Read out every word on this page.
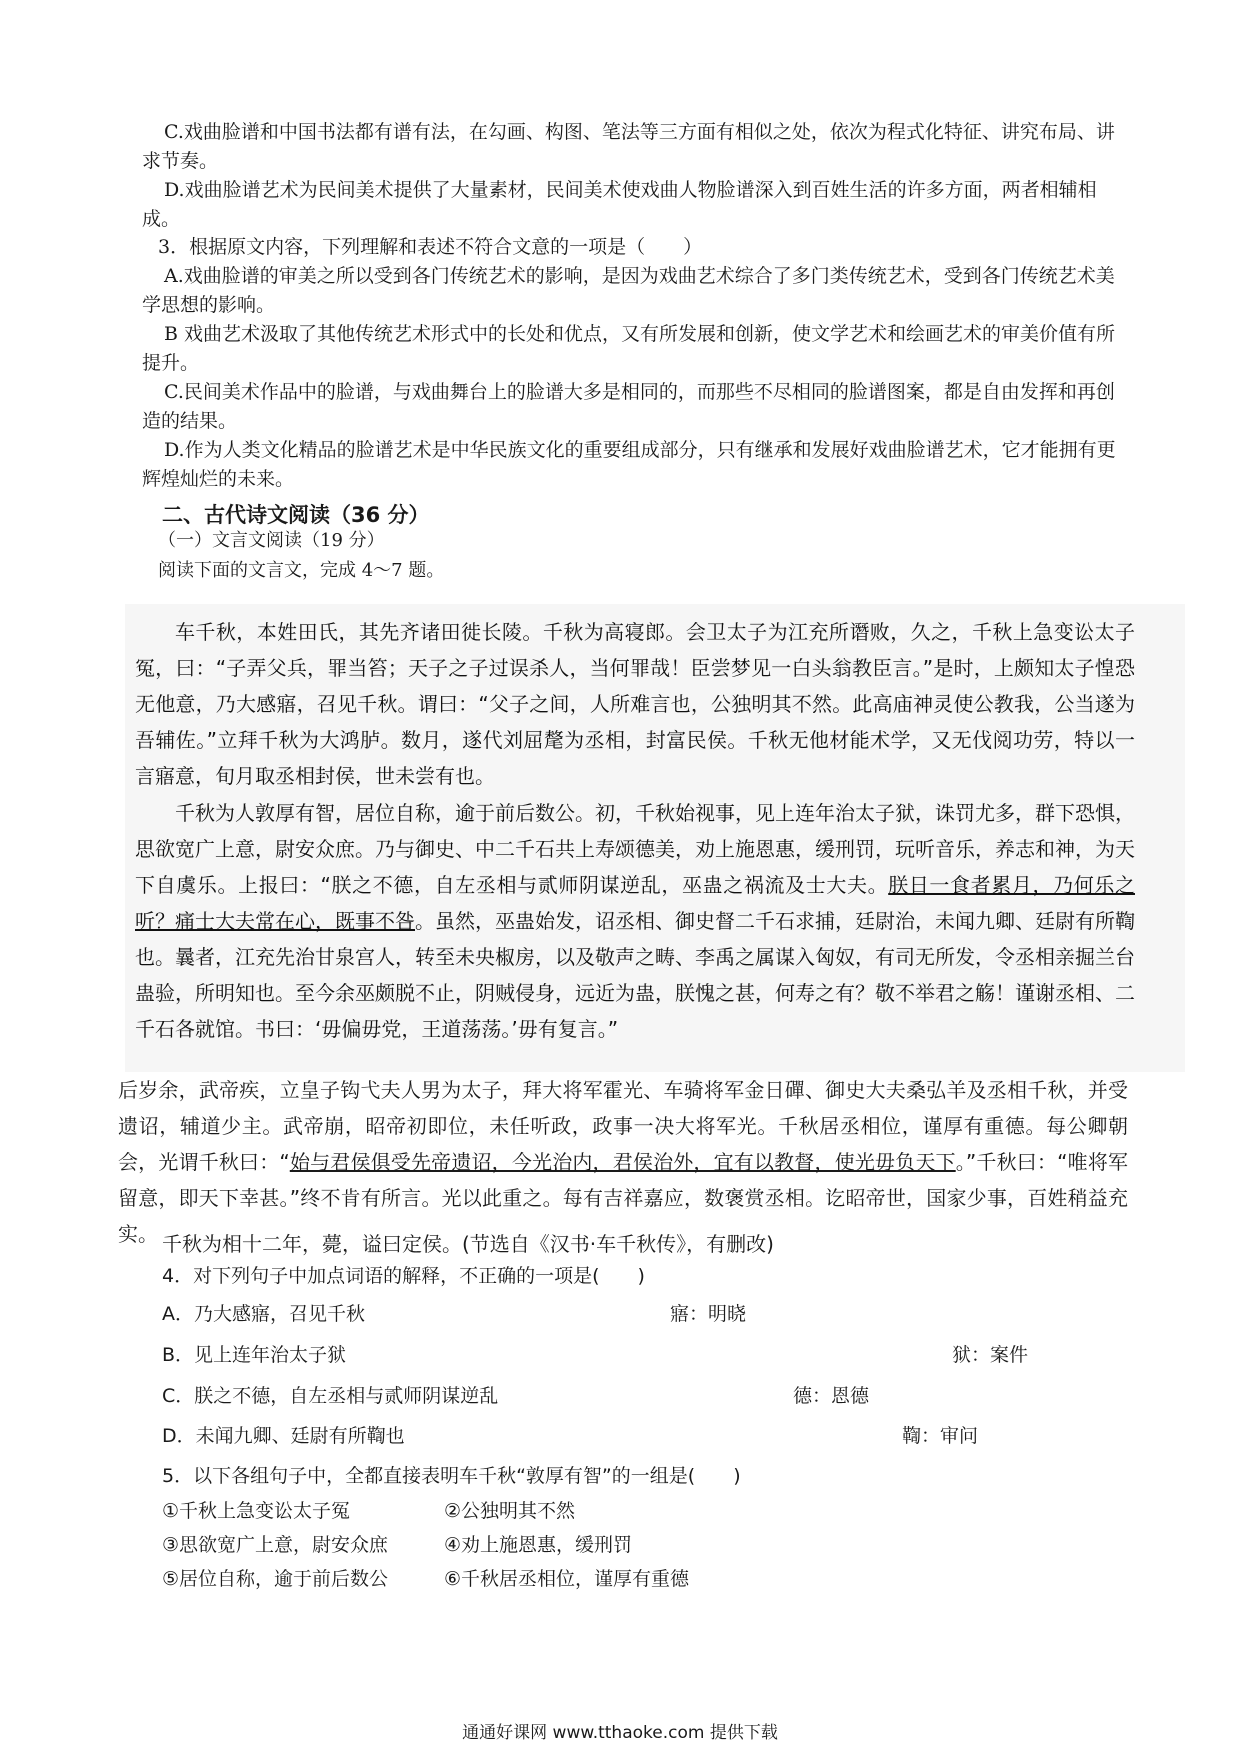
C.戏曲脸谱和中国书法都有谱有法，在勾画、构图、笔法等三方面有相似之处，依次为程式化特征、讲究布局、讲求节奏。
D.戏曲脸谱艺术为民间美术提供了大量素材，民间美术使戏曲人物脸谱深入到百姓生活的许多方面，两者相辅相成。
3．根据原文内容，下列理解和表述不符合文意的一项是（　　）
A.戏曲脸谱的审美之所以受到各门传统艺术的影响，是因为戏曲艺术综合了多门类传统艺术，受到各门传统艺术美学思想的影响。
B 戏曲艺术汲取了其他传统艺术形式中的长处和优点，又有所发展和创新，使文学艺术和绘画艺术的审美价值有所提升。
C.民间美术作品中的脸谱，与戏曲舞台上的脸谱大多是相同的，而那些不尽相同的脸谱图案，都是自由发挥和再创造的结果。
D.作为人类文化精品的脸谱艺术是中华民族文化的重要组成部分，只有继承和发展好戏曲脸谱艺术，它才能拥有更辉煌灿烂的未来。
二、古代诗文阅读（36 分）
（一）文言文阅读（19 分）
阅读下面的文言文，完成 4～7 题。
车千秋，本姓田氏，其先齐诸田徙长陵。千秋为高寝郎。会卫太子为江充所谮败，久之，千秋上急变讼太子冤，曰：“子弄父兵，罪当笞；天子之子过误杀人，当何罪哉！臣尝梦见一白头翁教臣言。”是时，上颇知太子惶恐无他意，乃大感寤，召见千秋。谓曰：“父子之间，人所难言也，公独明其不然。此高庙神灵使公教我，公当遂为吾辅佐。”立拜千秋为大鸿胪。数月，遂代刘屈氂为丞相，封富民侯。千秋无他材能术学，又无伐阅功劳，特以一言寤意，旬月取丞相封侯，世未尝有也。
千秋为人敦厚有智，居位自称，逾于前后数公。初，千秋始视事，见上连年治太子狱，诛罚尤多，群下恐惧，思欲宽广上意，尉安众庶。乃与御史、中二千石共上寿颂德美，劝上施恩惠，缓刑罚，玩听音乐，养志和神，为天下自虞乐。上报曰：“朕之不德，自左丞相与贰师阴谋逆乱，巫蛊之祸流及士大夫。朕日一食者累月，乃何乐之听？痛士大夫常在心，既事不咎。虽然，巫蛊始发，诏丞相、御史督二千石求捕，廷尉治，未闻九卿、廷尉有所鞫也。曩者，江充先治甘泉宫人，转至未央椒房，以及敬声之畴、李禹之属谋入匈奴，有司无所发，令丞相亲掘兰台蛊验，所明知也。至今余巫颇脱不止，阴贼侵身，远近为蛊，朕愧之甚，何寿之有？敬不举君之觞！谨谢丞相、二千石各就馆。书曰：‘毋偏毋党，王道荡荡。’毋有复言。”
后岁余，武帝疾，立皇子钩弋夫人男为太子，拜大将军霍光、车骑将军金日磾、御史大夫桑弘羊及丞相千秋，并受遗诏，辅道少主。武帝崩，昭帝初即位，未任听政，政事一决大将军光。千秋居丞相位，谨厚有重德。每公卿朝会，光谓千秋曰：“始与君侯俱受先帝遗诏，今光治内，君侯治外，宜有以教督，使光毋负天下。”千秋曰：“唯将军留意，即天下幸甚。”终不肯有所言。光以此重之。每有吉祥嘉应，数褒赏丞相。讫昭帝世，国家少事，百姓稍益充实。 千秋为相十二年，薨，谥曰定侯。(节选自《汉书·车千秋传》，有删改)
4．对下列句子中加点词语的解释，不正确的一项是(　　)
A．乃大感寤，召见千秋	寤：明晓
B．见上连年治太子狱	狱：案件
C．朕之不德，自左丞相与贰师阴谋逆乱	德：恩德
D．未闻九卿、廷尉有所鞫也	鞫：审问
5．以下各组句子中，全都直接表明车千秋“敦厚有智”的一组是(　　)
①千秋上急变讼太子冤	②公独明其不然
③思欲宽广上意，尉安众庶	④劝上施恩惠，缓刑罚
⑤居位自称，逾于前后数公	⑥千秋居丞相位，谨厚有重德
通通好课网 www.tthaoke.com 提供下载
